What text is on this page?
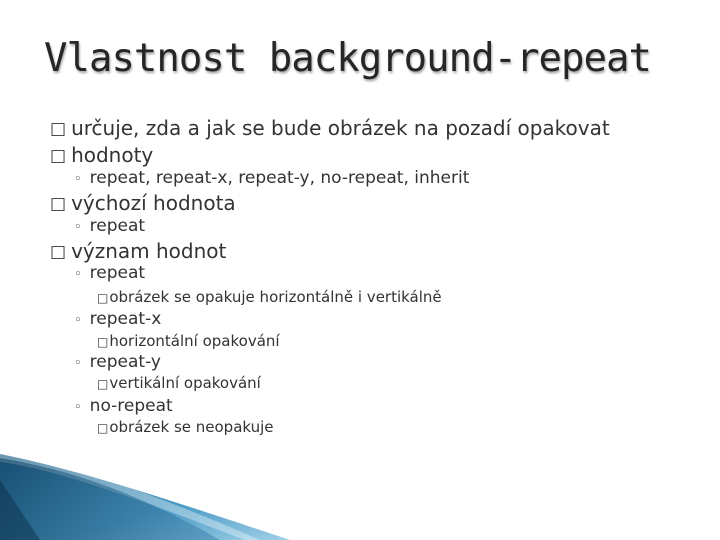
Vlastnost background-repeat
□ určuje, zda a jak se bude obrázek na pozadí opakovat
□ hodnoty
◦ repeat, repeat-x, repeat-y, no-repeat, inherit
□ výchozí hodnota
◦ repeat
□ význam hodnot
◦ repeat
□obrázek se opakuje horizontálně i vertikálně
◦ repeat-x
□horizontální opakování
◦ repeat-y
□vertikální opakování
◦ no-repeat
□obrázek se neopakuje
